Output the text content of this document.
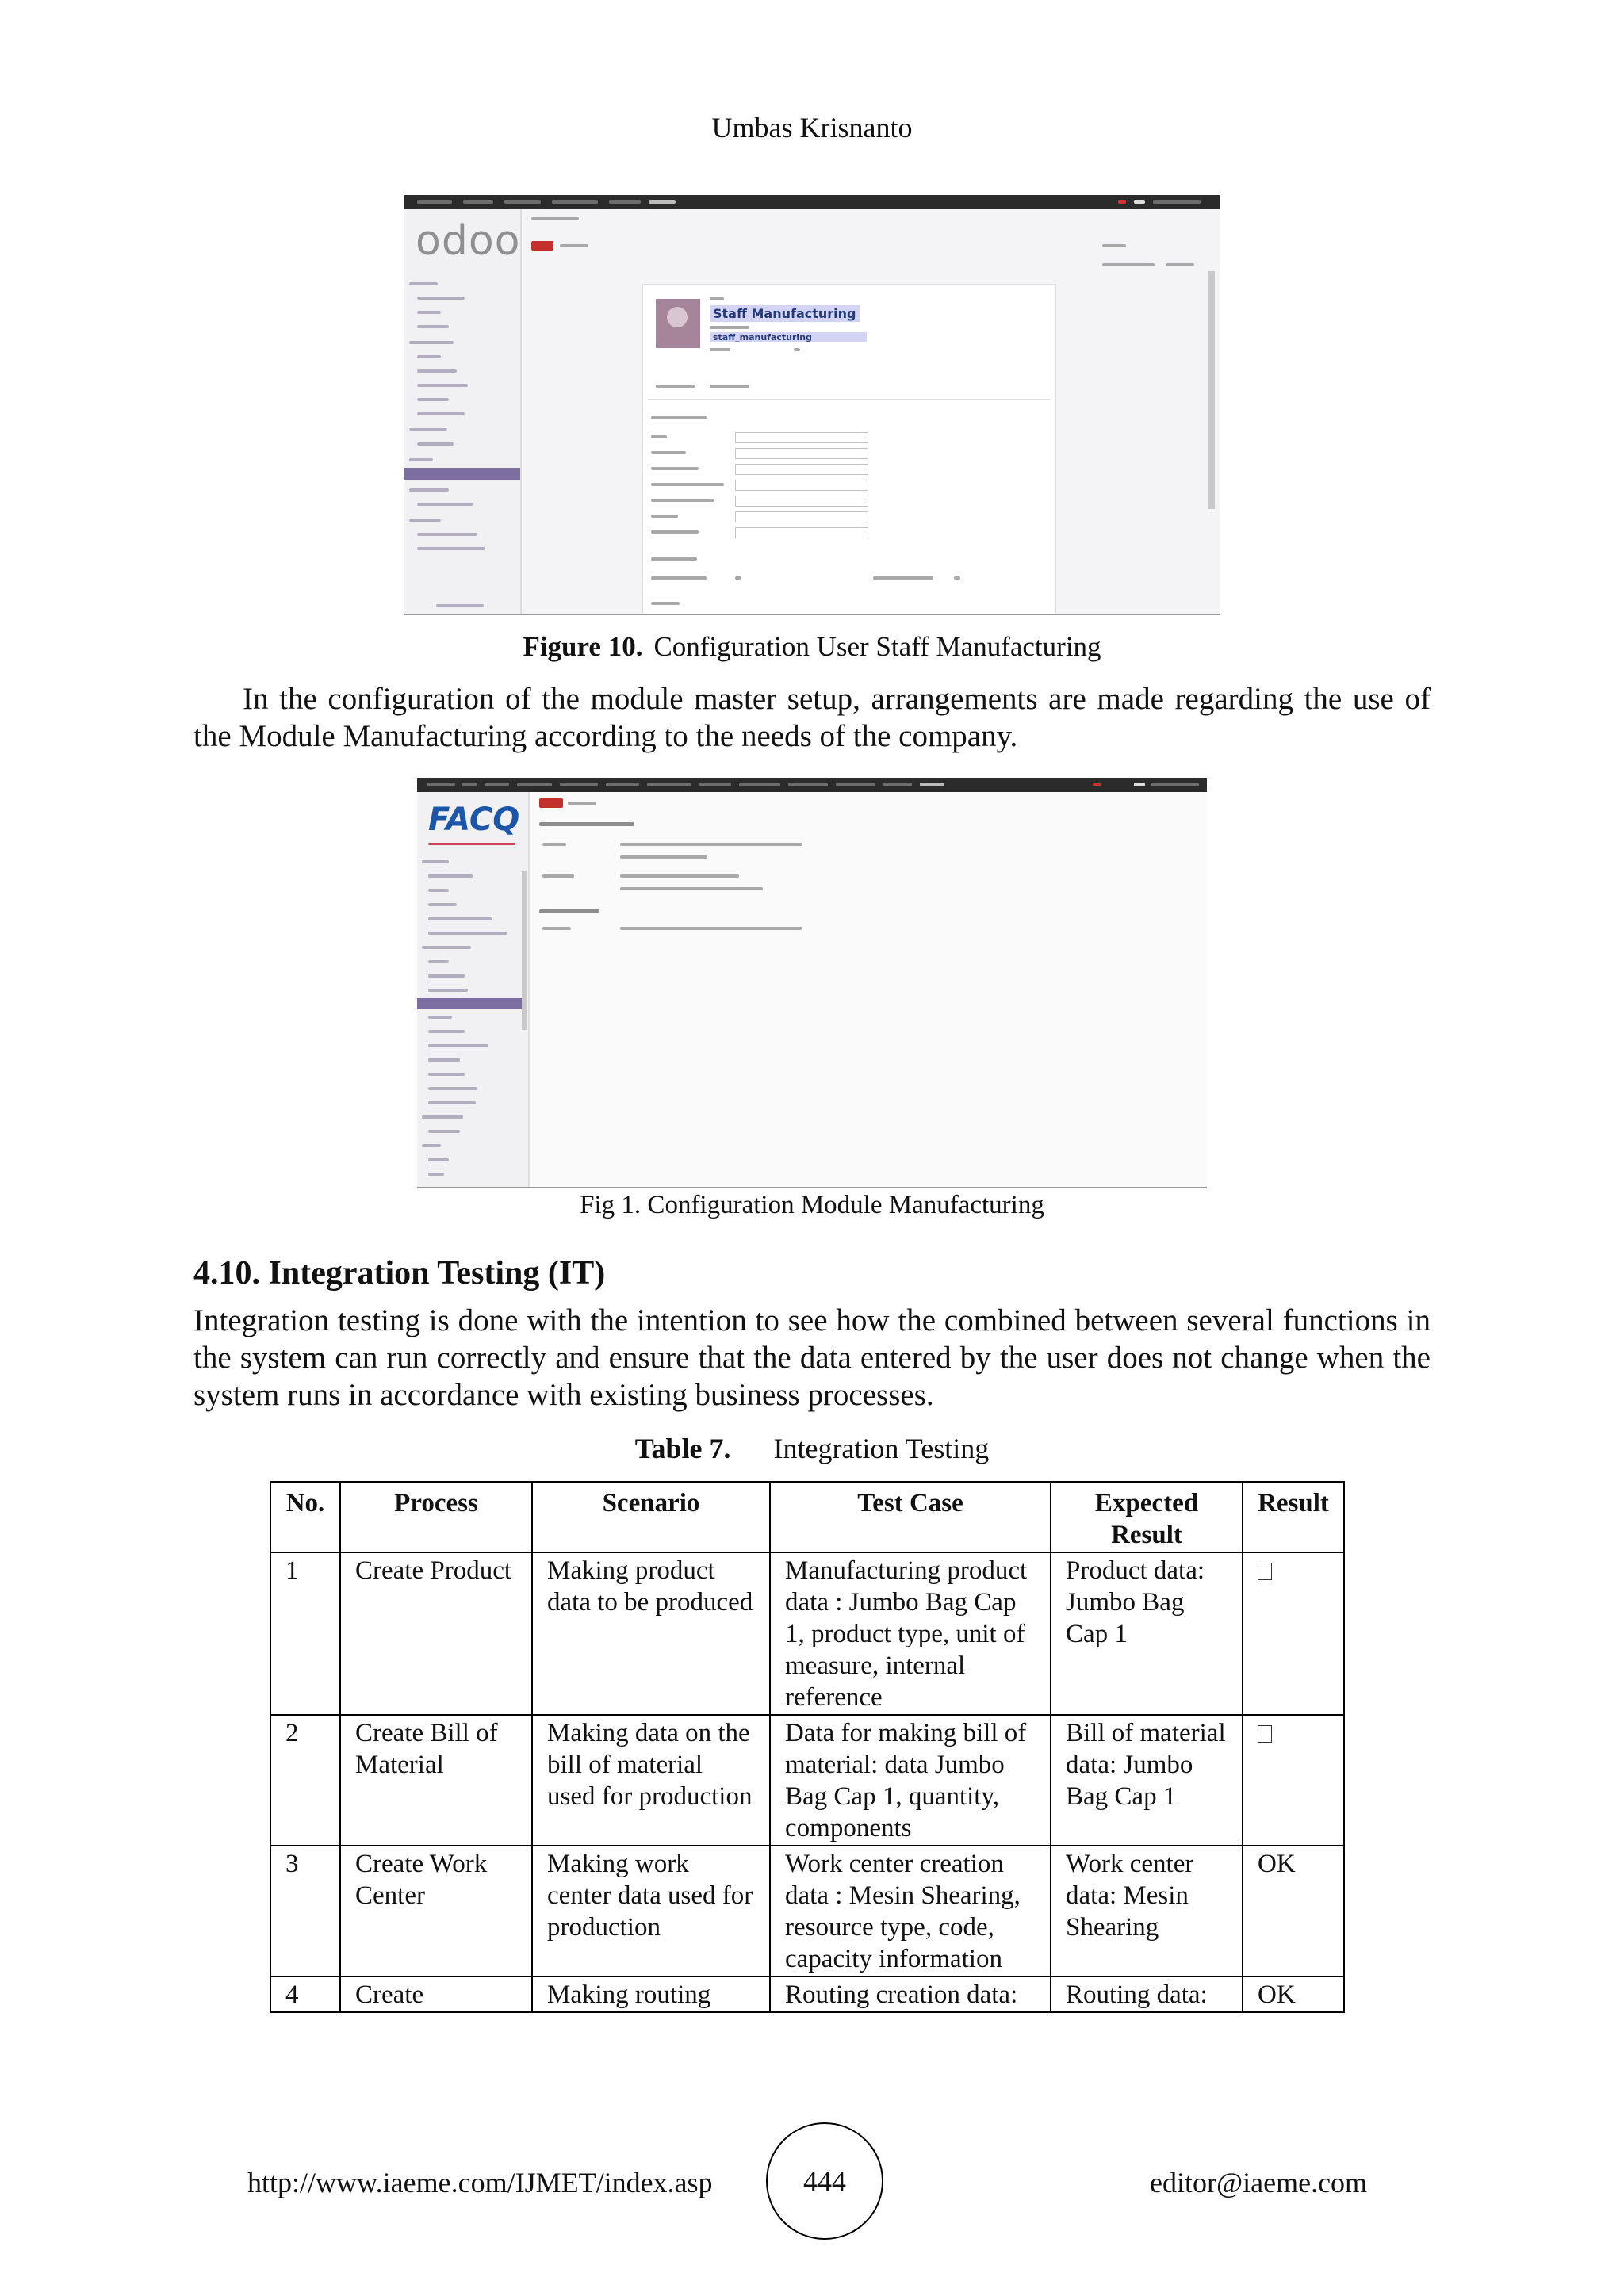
Umbas Krisnanto
odoo
Staff Manufacturing
staff_manufacturing
Figure 10. Configuration User Staff Manufacturing
In the configuration of the module master setup, arrangements are made regarding the use of the Module Manufacturing according to the needs of the company.
FACQ
Fig 1. Configuration Module Manufacturing
4.10. Integration Testing (IT)
Integration testing is done with the intention to see how the combined between several functions in the system can run correctly and ensure that the data entered by the user does not change when the system runs in accordance with existing business processes.
Table 7. Integration Testing
No.	Process	Scenario	Test Case	Expected Result	Result
1	Create Product	Making product data to be produced	Manufacturing product data : Jumbo Bag Cap 1, product type, unit of measure, internal reference	Product data: Jumbo Bag Cap 1	
2	Create Bill of Material	Making data on the bill of material used for production	Data for making bill of material: data Jumbo Bag Cap 1, quantity, components	Bill of material data: Jumbo Bag Cap 1	
3	Create Work Center	Making work center data used for production	Work center creation data : Mesin Shearing, resource type, code, capacity information	Work center data: Mesin Shearing	OK
4	Create	Making routing	Routing creation data:	Routing data:	OK
http://www.iaeme.com/IJMET/index.asp	444	editor@iaeme.com
